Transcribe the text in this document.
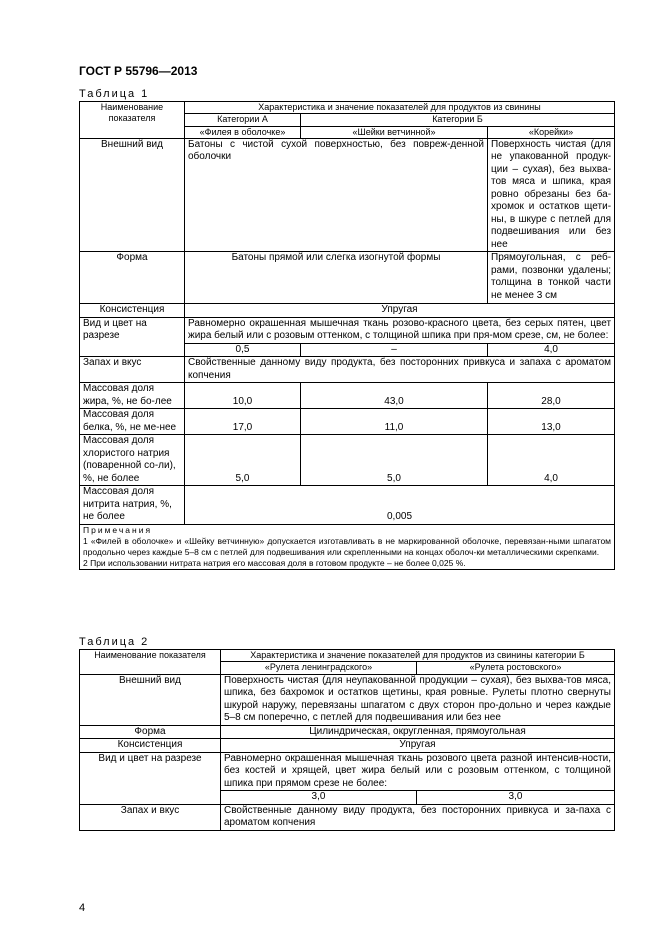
ГОСТ Р 55796—2013
Таблица 1
Наименование показателя	Характеристика и значение показателей для продуктов из свинины		
	Категории А	Категории Б	
	«Филея в оболочке»	«Шейки ветчинной»	«Корейки»
Внешний вид	Батоны с чистой сухой поверхностью, без повреж-денной оболочки		Поверхность чистая (для не упакованной продук-ции – сухая), без выхва-тов мяса и шпика, края ровно обрезаны без ба-хромок и остатков щети-ны, в шкуре с петлей для подвешивания или без нее
Форма	Батоны прямой или слегка изогнутой формы		Прямоугольная, с реб-рами, позвонки удалены; толщина в тонкой части не менее 3 см
Консистенция	Упругая		
Вид и цвет на разрезе	Равномерно окрашенная мышечная ткань розово-красного цвета, без серых пятен, цвет жира белый или с розовым оттенком, с толщиной шпика при пря-мом срезе, см, не более:		
	0,5	–	4,0
Запах и вкус	Свойственные данному виду продукта, без посторонних привкуса и запаха с ароматом копчения		
Массовая доля жира, %, не бо-лее	10,0	43,0	28,0
Массовая доля белка, %, не ме-нее	17,0	11,0	13,0
Массовая доля хлористого натрия (поваренной со-ли), %, не более	5,0	5,0	4,0
Массовая доля нитрита натрия, %, не более	0,005		

Примечания
1 «Филей в оболочке» и «Шейку ветчинную» допускается изготавливать в не маркированной оболочке, перевязан-ными шпагатом продольно через каждые 5–8 см с петлей для подвешивания или скрепленными на концах оболоч-ки металлическими скрепками.
2 При использовании нитрата натрия его массовая доля в готовом продукте – не более 0,025 %.			
Таблица 2
Наименование показателя	Характеристика и значение показателей для продуктов из свинины категории Б	
	«Рулета ленинградского»	«Рулета ростовского»
Внешний вид	Поверхность чистая (для неупакованной продукции – сухая), без выхва-тов мяса, шпика, без бахромок и остатков щетины, края ровные. Рулеты плотно свернуты шкурой наружу, перевязаны шпагатом с двух сторон про-дольно и через каждые 5–8 см поперечно, с петлей для подвешивания или без нее	
Форма	Цилиндрическая, округленная, прямоугольная	
Консистенция	Упругая	
Вид и цвет на разрезе	Равномерно окрашенная мышечная ткань розового цвета разной интенсив-ности, без костей и хрящей, цвет жира белый или с розовым оттенком, с толщиной шпика при прямом срезе не более:	
	3,0	3,0
Запах и вкус	Свойственные данному виду продукта, без посторонних привкуса и за-паха с ароматом копчения	
4
